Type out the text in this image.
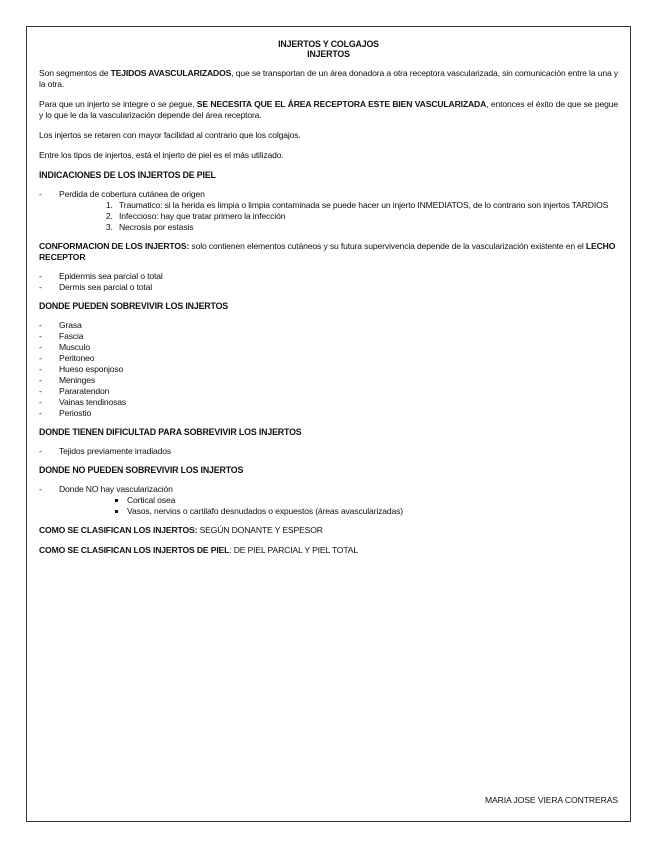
INJERTOS Y COLGAJOS
INJERTOS

Son segmentos de TEJIDOS AVASCULARIZADOS, que se transportan de un área donadora a otra receptora vascularizada, sin comunicación entre la una y la otra.

Para que un injerto se integre o se pegue, SE NECESITA QUE EL ÁREA RECEPTORA ESTE BIEN VASCULARIZADA, entonces el éxito de que se pegue y lo que le da la vascularización depende del área receptora.

Los injertos se retaren con mayor facilidad al contrario que los colgajos.

Entre los tipos de injertos, está el injerto de piel es el más utilizado.

INDICACIONES DE LOS INJERTOS DE PIEL
- Perdida de cobertura cutánea de origen
1. Traumatico: si la herida es limpia o limpia contaminada se puede hacer un injerto INMEDIATOS, de lo contrario son injertos TARDIOS
2. Infeccioso: hay que tratar primero la infección
3. Necrosis por estasis

CONFORMACION DE LOS INJERTOS: solo contienen elementos cutáneos y su futura supervivencia depende de la vascularización existente en el LECHO RECEPTOR

- Epidermis sea parcial o total
- Dermis sea parcial o total
DONDE PUEDEN SOBREVIVIR LOS INJERTOS
- Grasa
- Fascia
- Musculo
- Peritoneo
- Hueso esponjoso
- Meninges
- Pararatendon
- Vainas tendinosas
- Periostio
DONDE TIENEN DIFICULTAD PARA SOBREVIVIR LOS INJERTOS
- Tejidos previamente irradiados
DONDE NO PUEDEN SOBREVIVIR LOS INJERTOS
- Donde NO hay vascularización
Cortical osea
Vasos, nervios o cartilafo desnudados o expuestos (áreas avascularizadas)

COMO SE CLASIFICAN LOS INJERTOS: SEGÚN DONANTE Y ESPESOR

COMO SE CLASIFICAN LOS INJERTOS DE PIEL: DE PIEL PARCIAL Y PIEL TOTAL

MARIA JOSE VIERA CONTRERAS
